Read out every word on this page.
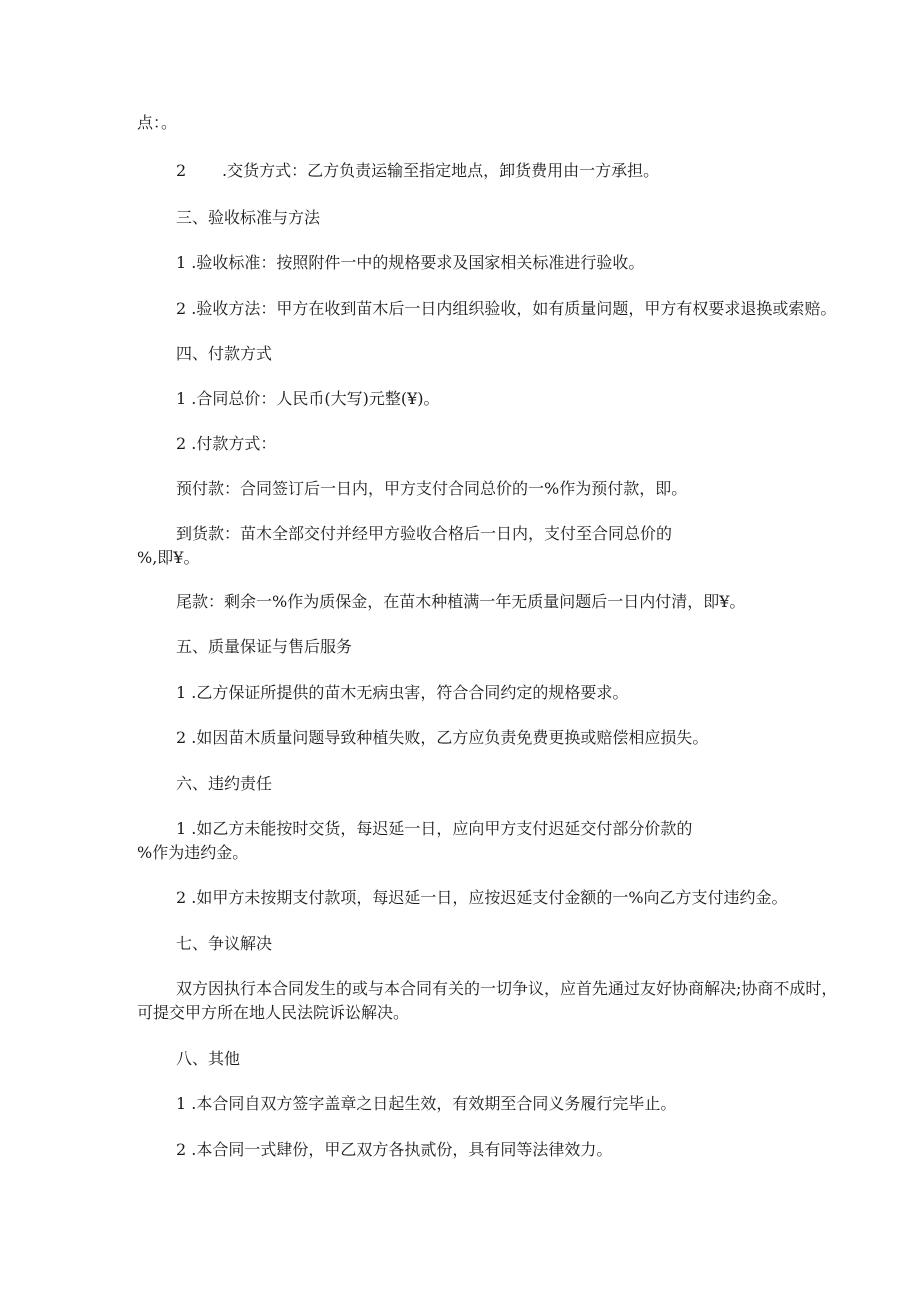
点：。
2 .交货方式：乙方负责运输至指定地点，卸货费用由一方承担。
三、验收标准与方法
1 .验收标准：按照附件一中的规格要求及国家相关标准进行验收。
2 .验收方法：甲方在收到苗木后一日内组织验收，如有质量问题，甲方有权要求退换或索赔。
四、付款方式
1 .合同总价：人民币(大写)元整(¥)。
2 .付款方式：
预付款：合同签订后一日内，甲方支付合同总价的一%作为预付款，即。
到货款：苗木全部交付并经甲方验收合格后一日内，支付至合同总价的
%,即¥。
尾款：剩余一%作为质保金，在苗木种植满一年无质量问题后一日内付清，即¥。
五、质量保证与售后服务
1 .乙方保证所提供的苗木无病虫害，符合合同约定的规格要求。
2 .如因苗木质量问题导致种植失败，乙方应负责免费更换或赔偿相应损失。
六、违约责任
1 .如乙方未能按时交货，每迟延一日，应向甲方支付迟延交付部分价款的
%作为违约金。
2 .如甲方未按期支付款项，每迟延一日，应按迟延支付金额的一%向乙方支付违约金。
七、争议解决
双方因执行本合同发生的或与本合同有关的一切争议，应首先通过友好协商解决;协商不成时，
可提交甲方所在地人民法院诉讼解决。
八、其他
1 .本合同自双方签字盖章之日起生效，有效期至合同义务履行完毕止。
2 .本合同一式肆份，甲乙双方各执贰份，具有同等法律效力。
